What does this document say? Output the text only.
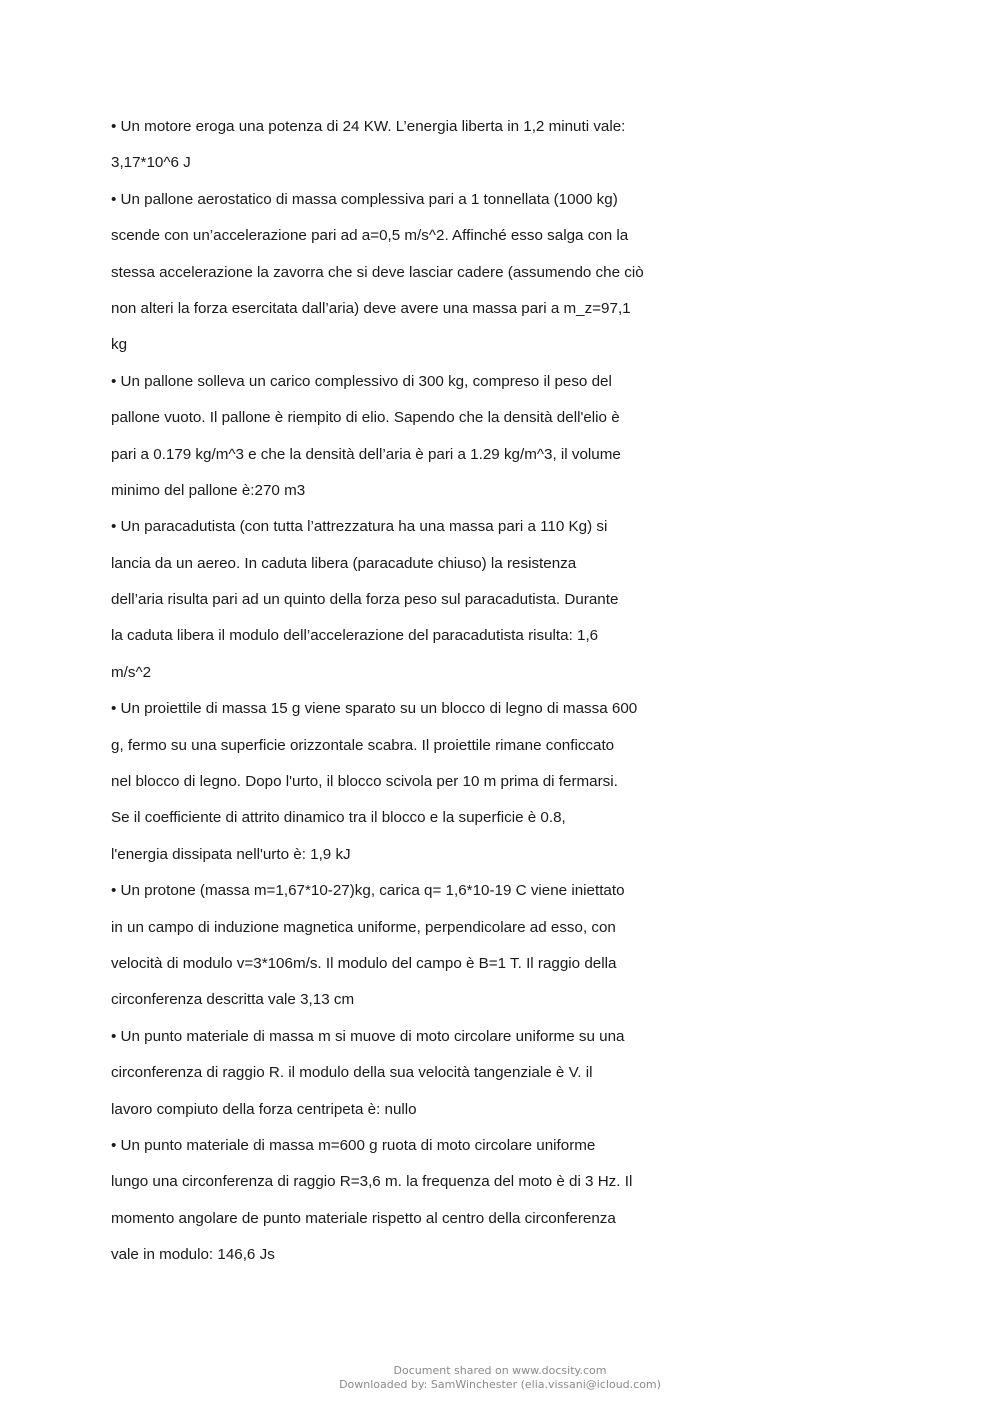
• Un motore eroga una potenza di 24 KW. L’energia liberta in 1,2 minuti vale:
3,17*10^6 J
• Un pallone aerostatico di massa complessiva pari a 1 tonnellata (1000 kg)
scende con un’accelerazione pari ad a=0,5 m/s^2. Affinché esso salga con la
stessa accelerazione la zavorra che si deve lasciar cadere (assumendo che ciò
non alteri la forza esercitata dall’aria) deve avere una massa pari a m_z=97,1
kg
• Un pallone solleva un carico complessivo di 300 kg, compreso il peso del
pallone vuoto. Il pallone è riempito di elio. Sapendo che la densità dell'elio è
pari a 0.179 kg/m^3 e che la densità dell’aria è pari a 1.29 kg/m^3, il volume
minimo del pallone è:270 m3
• Un paracadutista (con tutta l’attrezzatura ha una massa pari a 110 Kg) si
lancia da un aereo. In caduta libera (paracadute chiuso) la resistenza
dell’aria risulta pari ad un quinto della forza peso sul paracadutista. Durante
la caduta libera il modulo dell’accelerazione del paracadutista risulta: 1,6
m/s^2
• Un proiettile di massa 15 g viene sparato su un blocco di legno di massa 600
g, fermo su una superficie orizzontale scabra. Il proiettile rimane conficcato
nel blocco di legno. Dopo l'urto, il blocco scivola per 10 m prima di fermarsi.
Se il coefficiente di attrito dinamico tra il blocco e la superficie è 0.8,
l'energia dissipata nell'urto è: 1,9 kJ
• Un protone (massa m=1,67*10-27)kg, carica q= 1,6*10-19 C viene iniettato
in un campo di induzione magnetica uniforme, perpendicolare ad esso, con
velocità di modulo v=3*106m/s. Il modulo del campo è B=1 T. Il raggio della
circonferenza descritta vale 3,13 cm
• Un punto materiale di massa m si muove di moto circolare uniforme su una
circonferenza di raggio R. il modulo della sua velocità tangenziale è V. il
lavoro compiuto della forza centripeta è: nullo
• Un punto materiale di massa m=600 g ruota di moto circolare uniforme
lungo una circonferenza di raggio R=3,6 m. la frequenza del moto è di 3 Hz. Il
momento angolare de punto materiale rispetto al centro della circonferenza
vale in modulo: 146,6 Js
Document shared on www.docsity.com
Downloaded by: SamWinchester (elia.vissani@icloud.com)
